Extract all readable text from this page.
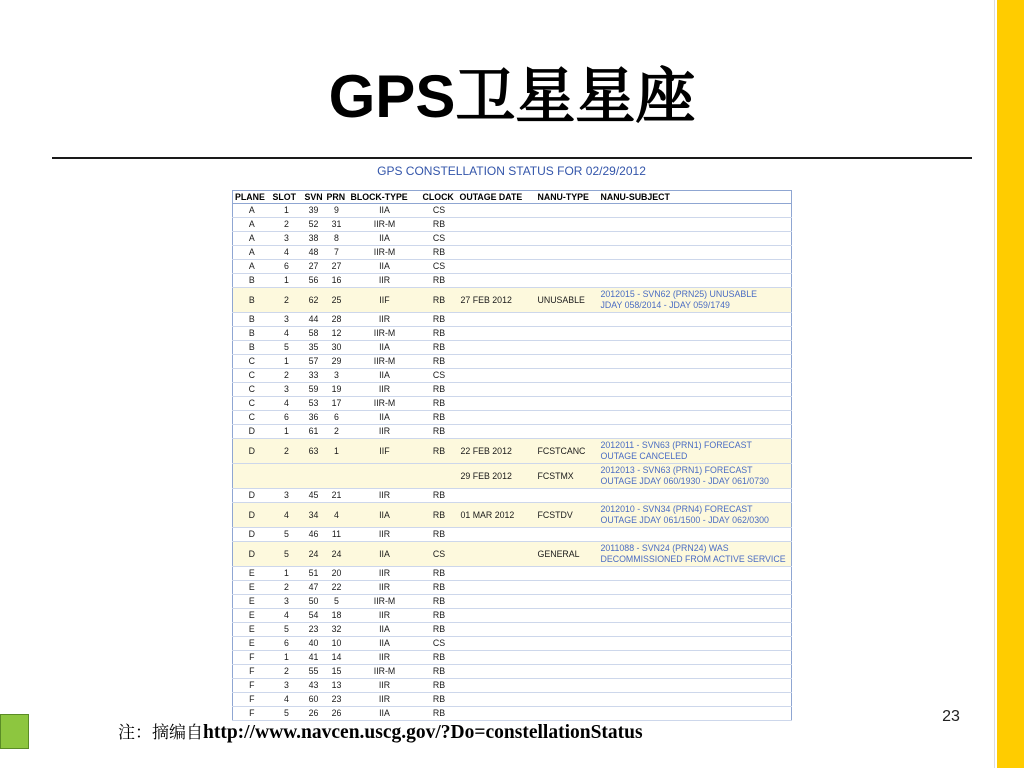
GPS卫星星座
GPS CONSTELLATION STATUS FOR 02/29/2012
PLANE	SLOT	SVN	PRN	BLOCK-TYPE	CLOCK	OUTAGE DATE	NANU-TYPE	NANU-SUBJECT
A	1	39	9	IIA	CS			
A	2	52	31	IIR-M	RB			
A	3	38	8	IIA	CS			
A	4	48	7	IIR-M	RB			
A	6	27	27	IIA	CS			
B	1	56	16	IIR	RB			
B	2	62	25	IIF	RB	27 FEB 2012	UNUSABLE	2012015 - SVN62 (PRN25) UNUSABLE
JDAY 058/2014 - JDAY 059/1749
B	3	44	28	IIR	RB			
B	4	58	12	IIR-M	RB			
B	5	35	30	IIA	RB			
C	1	57	29	IIR-M	RB			
C	2	33	3	IIA	CS			
C	3	59	19	IIR	RB			
C	4	53	17	IIR-M	RB			
C	6	36	6	IIA	RB			
D	1	61	2	IIR	RB			
D	2	63	1	IIF	RB	22 FEB 2012	FCSTCANC	2012011 - SVN63 (PRN1) FORECAST
OUTAGE CANCELED
						29 FEB 2012	FCSTMX	2012013 - SVN63 (PRN1) FORECAST
OUTAGE JDAY 060/1930 - JDAY 061/0730
D	3	45	21	IIR	RB			
D	4	34	4	IIA	RB	01 MAR 2012	FCSTDV	2012010 - SVN34 (PRN4) FORECAST
OUTAGE JDAY 061/1500 - JDAY 062/0300
D	5	46	11	IIR	RB			
D	5	24	24	IIA	CS		GENERAL	2011088 - SVN24 (PRN24) WAS
DECOMMISSIONED FROM ACTIVE SERVICE
E	1	51	20	IIR	RB			
E	2	47	22	IIR	RB			
E	3	50	5	IIR-M	RB			
E	4	54	18	IIR	RB			
E	5	23	32	IIA	RB			
E	6	40	10	IIA	CS			
F	1	41	14	IIR	RB			
F	2	55	15	IIR-M	RB			
F	3	43	13	IIR	RB			
F	4	60	23	IIR	RB			
F	5	26	26	IIA	RB				23
注：摘编自http://www.navcen.uscg.gov/?Do=constellationStatus
